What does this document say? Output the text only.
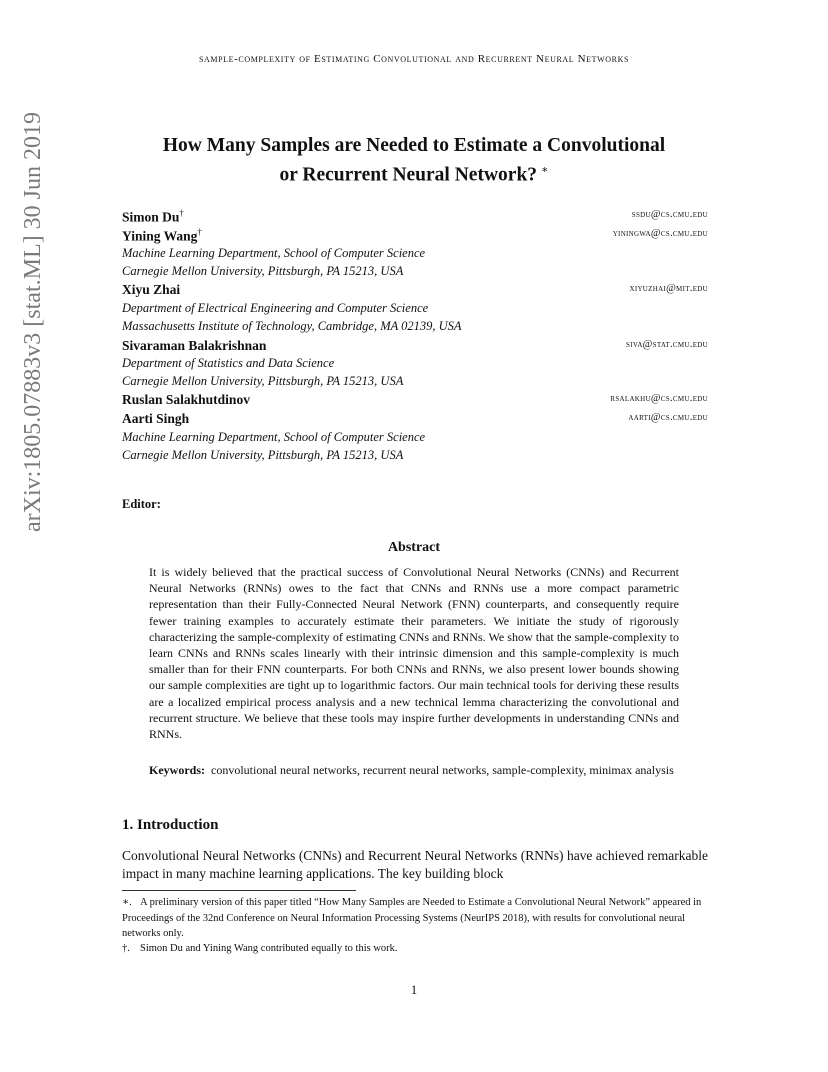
sample-complexity of Estimating Convolutional and Recurrent Neural Networks
How Many Samples are Needed to Estimate a Convolutional
or Recurrent Neural Network? ∗
arXiv:1805.07883v3 [stat.ML] 30 Jun 2019	Simon Du†	ssdu@cs.cmu.edu
Yining Wang†	yiningwa@cs.cmu.edu
Machine Learning Department, School of Computer Science
Carnegie Mellon University, Pittsburgh, PA 15213, USA
Xiyu Zhai	xiyuzhai@mit.edu
Department of Electrical Engineering and Computer Science
Massachusetts Institute of Technology, Cambridge, MA 02139, USA
Sivaraman Balakrishnan	siva@stat.cmu.edu
Department of Statistics and Data Science
Carnegie Mellon University, Pittsburgh, PA 15213, USA
Ruslan Salakhutdinov	rsalakhu@cs.cmu.edu
Aarti Singh	aarti@cs.cmu.edu
Machine Learning Department, School of Computer Science
Carnegie Mellon University, Pittsburgh, PA 15213, USA
Editor:
Abstract
It is widely believed that the practical success of Convolutional Neural Networks (CNNs) and Recurrent Neural Networks (RNNs) owes to the fact that CNNs and RNNs use a more compact parametric representation than their Fully-Connected Neural Network (FNN) counterparts, and consequently require fewer training examples to accurately estimate their parameters. We initiate the study of rigorously characterizing the sample-complexity of estimating CNNs and RNNs. We show that the sample-complexity to learn CNNs and RNNs scales linearly with their intrinsic dimension and this sample-complexity is much smaller than for their FNN counterparts. For both CNNs and RNNs, we also present lower bounds showing our sample complexities are tight up to logarithmic factors. Our main technical tools for deriving these results are a localized empirical process analysis and a new technical lemma characterizing the convolutional and recurrent structure. We believe that these tools may inspire further developments in understanding CNNs and RNNs.
Keywords: convolutional neural networks, recurrent neural networks, sample-complexity, minimax analysis
1. Introduction
Convolutional Neural Networks (CNNs) and Recurrent Neural Networks (RNNs) have achieved remarkable impact in many machine learning applications. The key building block
∗. A preliminary version of this paper titled “How Many Samples are Needed to Estimate a Convolutional Neural Network” appeared in Proceedings of the 32nd Conference on Neural Information Processing Systems (NeurIPS 2018), with results for convolutional neural networks only.
†. Simon Du and Yining Wang contributed equally to this work.
1
